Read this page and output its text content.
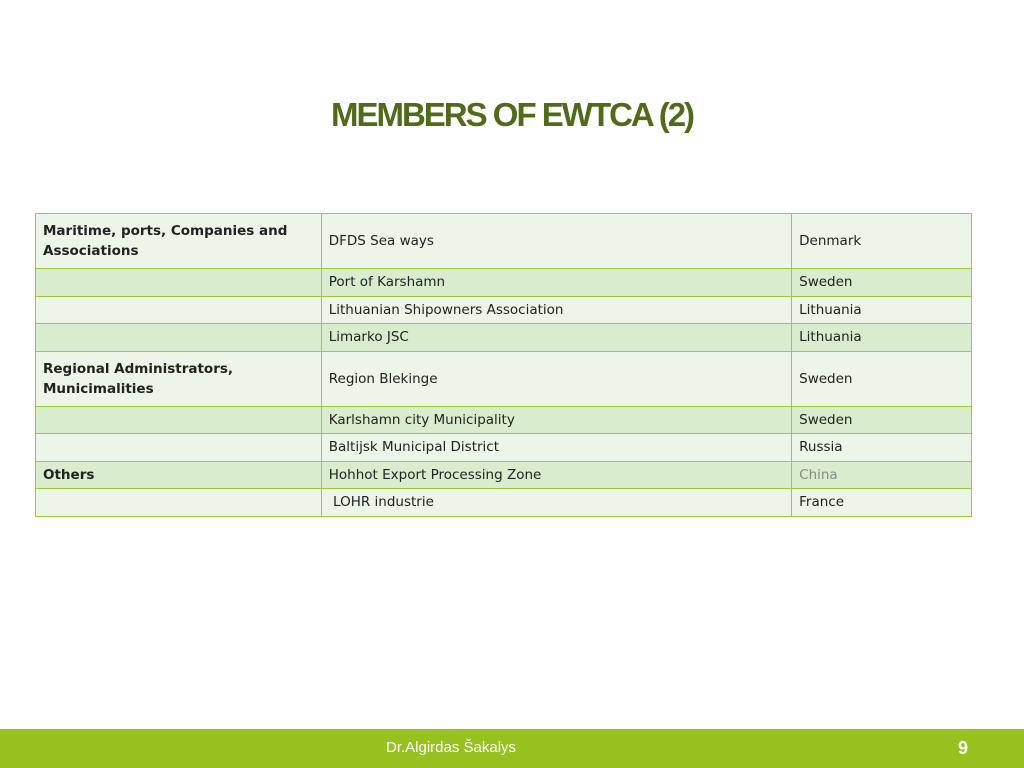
MEMBERS OF EWTCA (2)
Maritime, ports, Companies and Associations	DFDS Sea ways	Denmark
	Port of Karshamn	Sweden
	Lithuanian Shipowners Association	Lithuania
	Limarko JSC	Lithuania
Regional Administrators, Municimalities	Region Blekinge	Sweden
	Karlshamn city Municipality	Sweden
	Baltijsk Municipal District	Russia
Others	Hohhot Export Processing Zone	China
	LOHR industrie	France
Dr.Algirdas Šakalys	9
